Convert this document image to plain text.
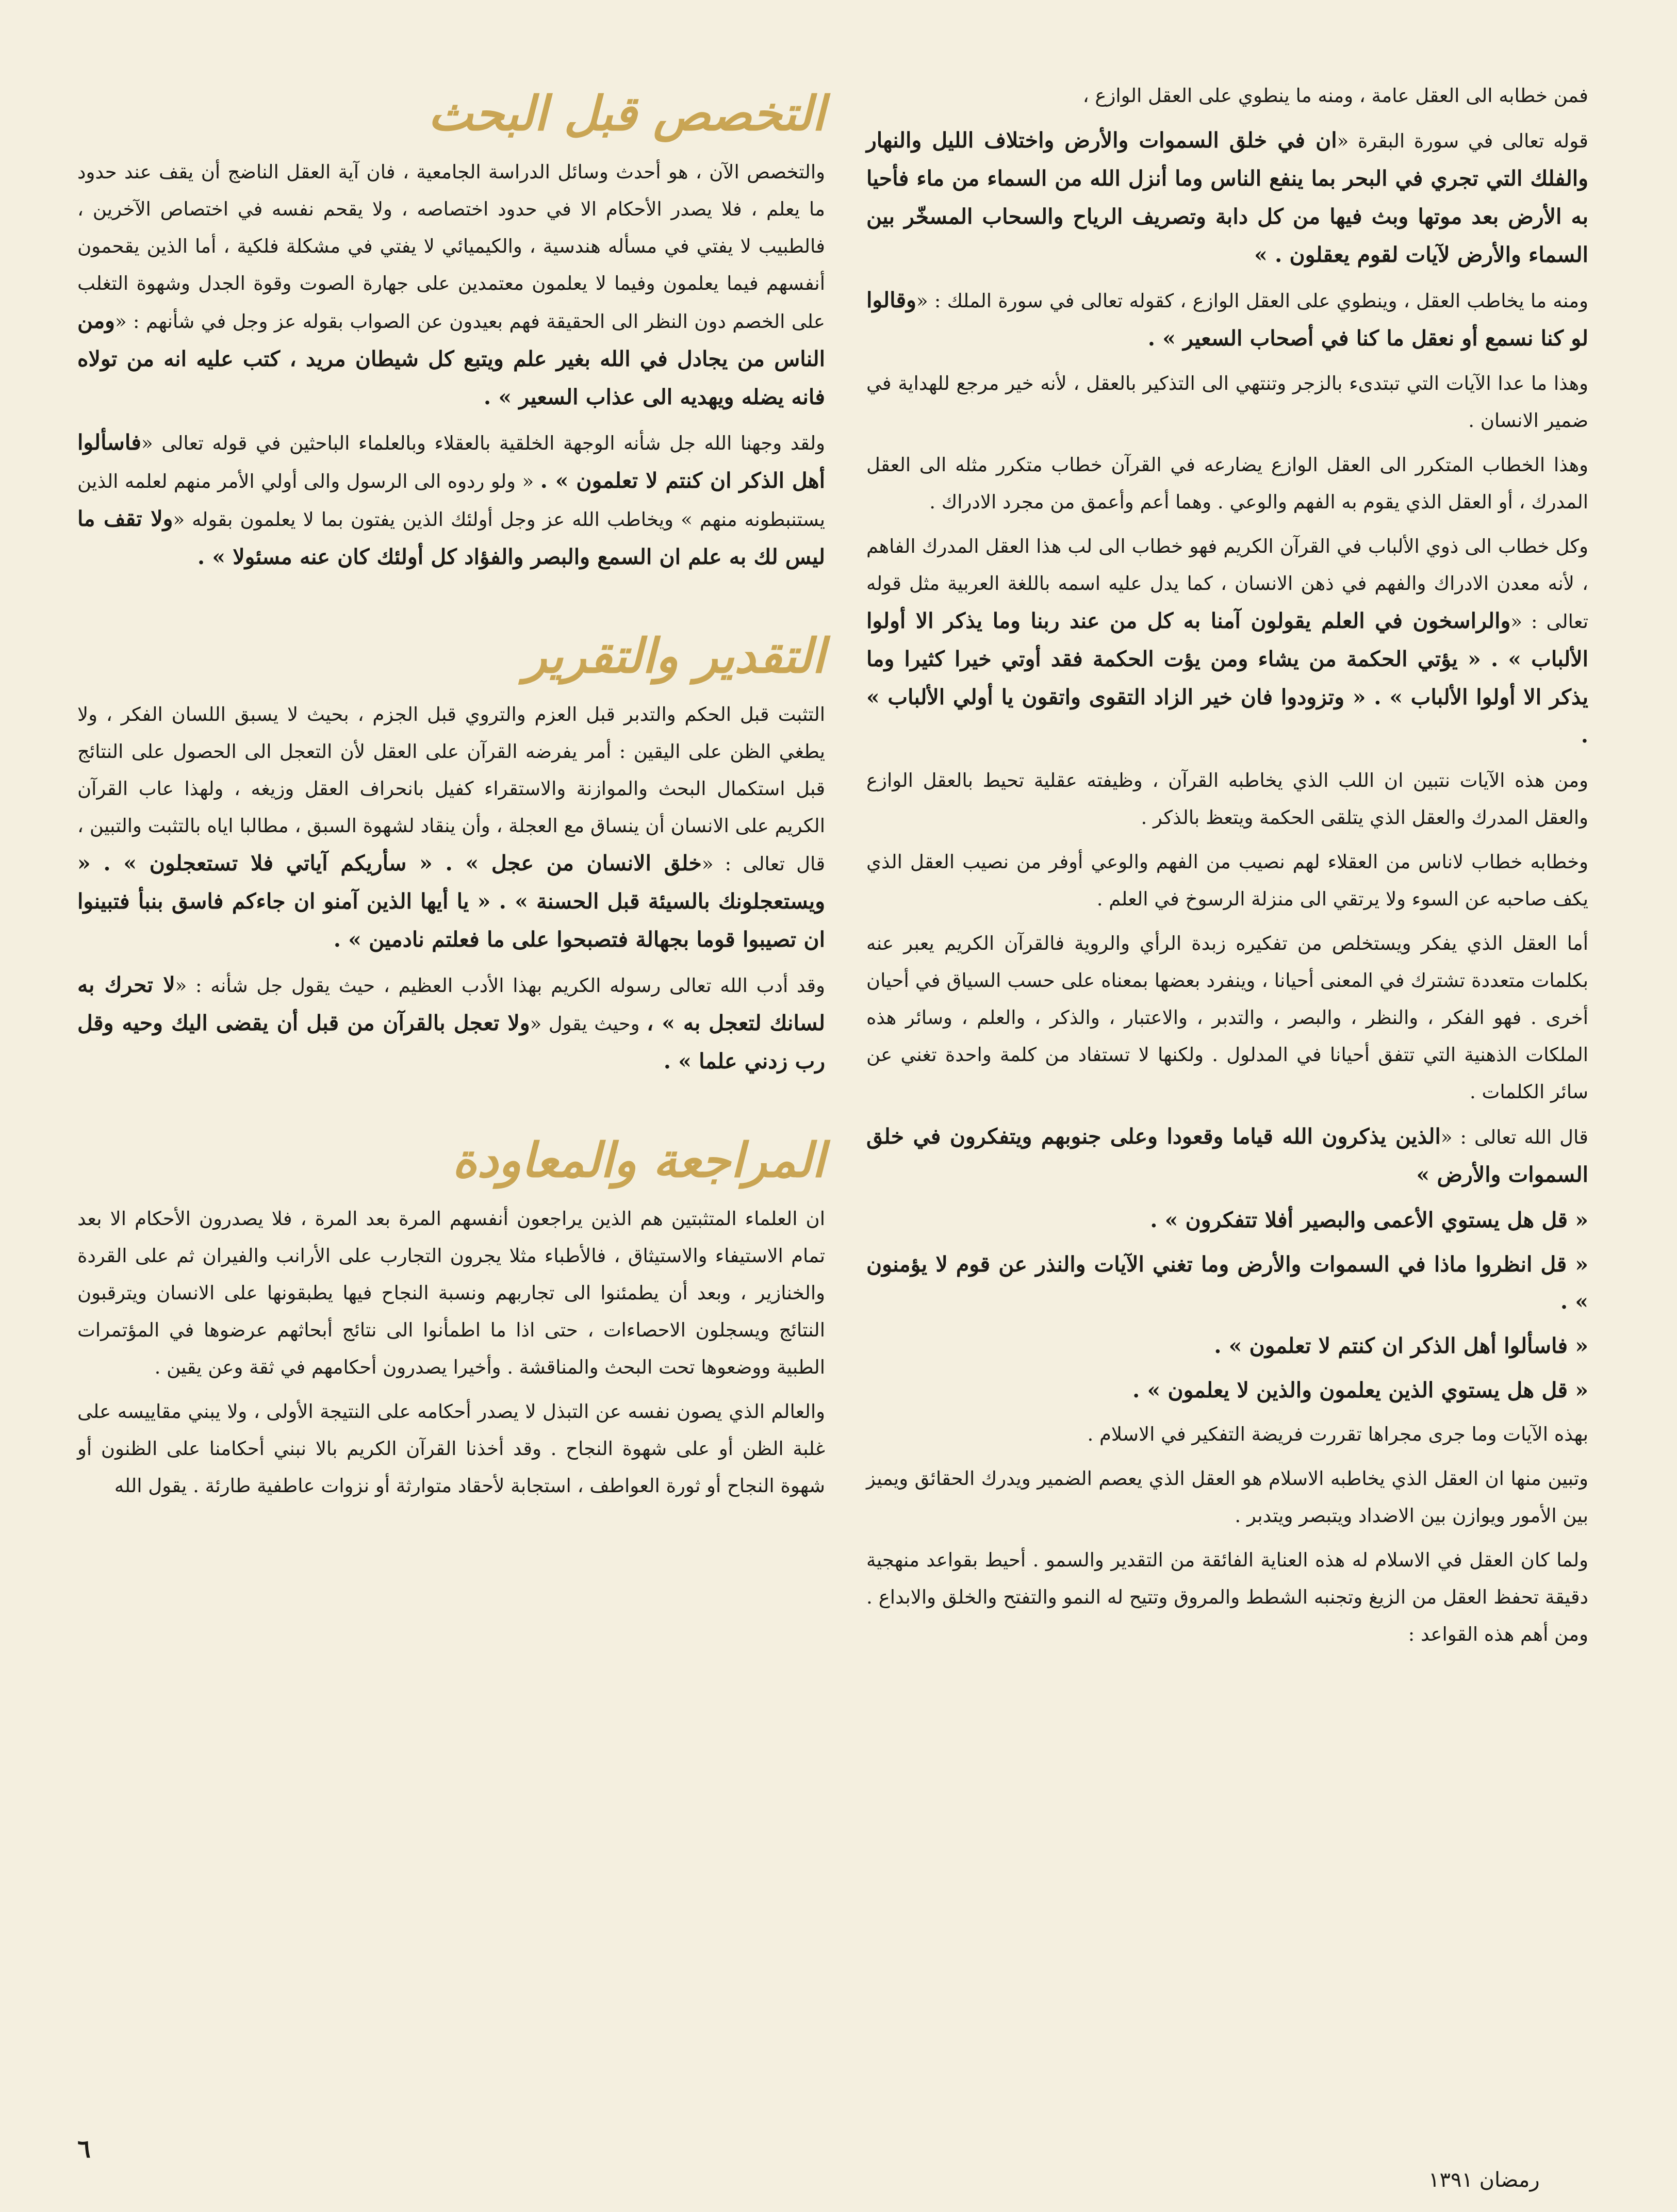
فمن خطابه الى العقل عامة ، ومنه ما ينطوي على العقل الوازع ،

قوله تعالى في سورة البقرة «ان في خلق السموات والأرض واختلاف الليل والنهار والفلك التي تجري في البحر بما ينفع الناس وما أنزل الله من السماء من ماء فأحيا به الأرض بعد موتها وبث فيها من كل دابة وتصريف الرياح والسحاب المسخّر بين السماء والأرض لآيات لقوم يعقلون . »

ومنه ما يخاطب العقل ، وينطوي على العقل الوازع ، كقوله تعالى في سورة الملك : «وقالوا لو كنا نسمع أو نعقل ما كنا في أصحاب السعير » .

وهذا ما عدا الآيات التي تبتدىء بالزجر وتنتهي الى التذكير بالعقل ، لأنه خير مرجع للهداية في ضمير الانسان .

وهذا الخطاب المتكرر الى العقل الوازع يضارعه في القرآن خطاب متكرر مثله الى العقل المدرك ، أو العقل الذي يقوم به الفهم والوعي . وهما أعم وأعمق من مجرد الادراك .

وكل خطاب الى ذوي الألباب في القرآن الكريم فهو خطاب الى لب هذا العقل المدرك الفاهم ، لأنه معدن الادراك والفهم في ذهن الانسان ، كما يدل عليه اسمه باللغة العربية مثل قوله تعالى : «والراسخون في العلم يقولون آمنا به كل من عند ربنا وما يذكر الا أولوا الألباب » . « يؤتي الحكمة من يشاء ومن يؤت الحكمة فقد أوتي خيرا كثيرا وما يذكر الا أولوا الألباب » . « وتزودوا فان خير الزاد التقوى واتقون يا أولي الألباب » .

ومن هذه الآيات نتبين ان اللب الذي يخاطبه القرآن ، وظيفته عقلية تحيط بالعقل الوازع والعقل المدرك والعقل الذي يتلقى الحكمة ويتعظ بالذكر .

وخطابه خطاب لاناس من العقلاء لهم نصيب من الفهم والوعي أوفر من نصيب العقل الذي يكف صاحبه عن السوء ولا يرتقي الى منزلة الرسوخ في العلم .

أما العقل الذي يفكر ويستخلص من تفكيره زبدة الرأي والروية فالقرآن الكريم يعبر عنه بكلمات متعددة تشترك في المعنى أحيانا ، وينفرد بعضها بمعناه على حسب السياق في أحيان أخرى . فهو الفكر ، والنظر ، والبصر ، والتدبر ، والاعتبار ، والذكر ، والعلم ، وسائر هذه الملكات الذهنية التي تتفق أحيانا في المدلول . ولكنها لا تستفاد من كلمة واحدة تغني عن سائر الكلمات .

قال الله تعالى : «الذين يذكرون الله قياما وقعودا وعلى جنوبهم ويتفكرون في خلق السموات والأرض »

« قل هل يستوي الأعمى والبصير أفلا تتفكرون » .

« قل انظروا ماذا في السموات والأرض وما تغني الآيات والنذر عن قوم لا يؤمنون » .

« فاسألوا أهل الذكر ان كنتم لا تعلمون » .

« قل هل يستوي الذين يعلمون والذين لا يعلمون » .

بهذه الآيات وما جرى مجراها تقررت فريضة التفكير في الاسلام .

وتبين منها ان العقل الذي يخاطبه الاسلام هو العقل الذي يعصم الضمير ويدرك الحقائق ويميز بين الأمور ويوازن بين الاضداد ويتبصر ويتدبر .

ولما كان العقل في الاسلام له هذه العناية الفائقة من التقدير والسمو . أحيط بقواعد منهجية دقيقة تحفظ العقل من الزيغ وتجنبه الشطط والمروق وتتيح له النمو والتفتح والخلق والابداع . ومن أهم هذه القواعد :

التخصص قبل البحث

والتخصص الآن ، هو أحدث وسائل الدراسة الجامعية ، فان آية العقل الناضج أن يقف عند حدود ما يعلم ، فلا يصدر الأحكام الا في حدود اختصاصه ، ولا يقحم نفسه في اختصاص الآخرين ، فالطبيب لا يفتي في مسأله هندسية ، والكيميائي لا يفتي في مشكلة فلكية ، أما الذين يقحمون أنفسهم فيما يعلمون وفيما لا يعلمون معتمدين على جهارة الصوت وقوة الجدل وشهوة التغلب على الخصم دون النظر الى الحقيقة فهم بعيدون عن الصواب بقوله عز وجل في شأنهم : «ومن الناس من يجادل في الله بغير علم ويتبع كل شيطان مريد ، كتب عليه انه من تولاه فانه يضله ويهديه الى عذاب السعير » .

ولقد وجهنا الله جل شأنه الوجهة الخلقية بالعقلاء وبالعلماء الباحثين في قوله تعالى «فاسألوا أهل الذكر ان كنتم لا تعلمون » . « ولو ردوه الى الرسول والى أولي الأمر منهم لعلمه الذين يستنبطونه منهم » ويخاطب الله عز وجل أولئك الذين يفتون بما لا يعلمون بقوله «ولا تقف ما ليس لك به علم ان السمع والبصر والفؤاد كل أولئك كان عنه مسئولا » .

التقدير والتقرير

التثبت قبل الحكم والتدبر قبل العزم والتروي قبل الجزم ، بحيث لا يسبق اللسان الفكر ، ولا يطغي الظن على اليقين : أمر يفرضه القرآن على العقل لأن التعجل الى الحصول على النتائج قبل استكمال البحث والموازنة والاستقراء كفيل بانحراف العقل وزيغه ، ولهذا عاب القرآن الكريم على الانسان أن ينساق مع العجلة ، وأن ينقاد لشهوة السبق ، مطالبا اياه بالتثبت والتبين ، قال تعالى : «خلق الانسان من عجل » . « سأريكم آياتي فلا تستعجلون » . « ويستعجلونك بالسيئة قبل الحسنة » . « يا أيها الذين آمنو ان جاءكم فاسق بنبأ فتبينوا ان تصيبوا قوما بجهالة فتصبحوا على ما فعلتم نادمين » .

وقد أدب الله تعالى رسوله الكريم بهذا الأدب العظيم ، حيث يقول جل شأنه : «لا تحرك به لسانك لتعجل به » ، وحيث يقول «ولا تعجل بالقرآن من قبل أن يقضى اليك وحيه وقل رب زدني علما » .

المراجعة والمعاودة

ان العلماء المتثبتين هم الذين يراجعون أنفسهم المرة بعد المرة ، فلا يصدرون الأحكام الا بعد تمام الاستيفاء والاستيثاق ، فالأطباء مثلا يجرون التجارب على الأرانب والفيران ثم على القردة والخنازير ، وبعد أن يطمئنوا الى تجاربهم ونسبة النجاح فيها يطبقونها على الانسان ويترقبون النتائج ويسجلون الاحصاءات ، حتى اذا ما اطمأنوا الى نتائج أبحاثهم عرضوها في المؤتمرات الطبية ووضعوها تحت البحث والمناقشة . وأخيرا يصدرون أحكامهم في ثقة وعن يقين .

والعالم الذي يصون نفسه عن التبذل لا يصدر أحكامه على النتيجة الأولى ، ولا يبني مقاييسه على غلبة الظن أو على شهوة النجاح . وقد أخذنا القرآن الكريم بالا نبني أحكامنا على الظنون أو شهوة النجاح أو ثورة العواطف ، استجابة لأحقاد متوارثة أو نزوات عاطفية طارئة . يقول الله

٦
رمضان ١٣٩١
